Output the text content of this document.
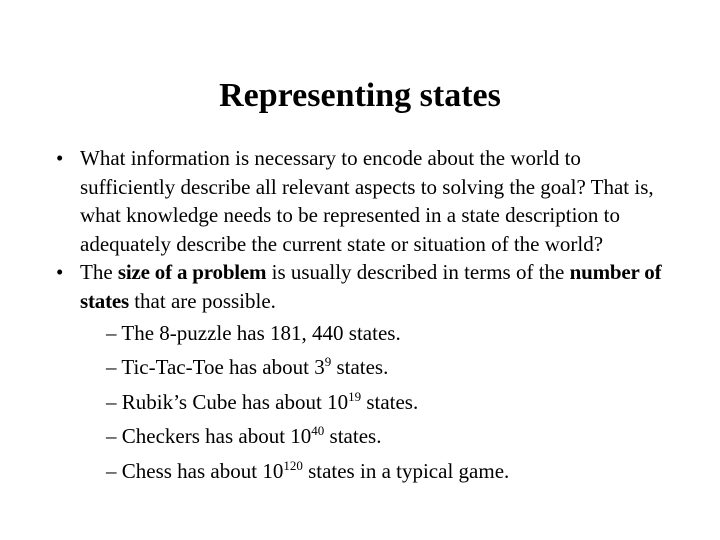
Representing states
• What information is necessary to encode about the world to sufficiently describe all relevant aspects to solving the goal? That is, what knowledge needs to be represented in a state description to adequately describe the current state or situation of the world?
• The size of a problem is usually described in terms of the number of states that are possible.
– The 8-puzzle has 181, 440 states.
– Tic-Tac-Toe has about $3^9$ states.
– Rubik’s Cube has about $10^{19}$ states.
– Checkers has about $10^{40}$ states.
– Chess has about $10^{120}$ states in a typical game.
